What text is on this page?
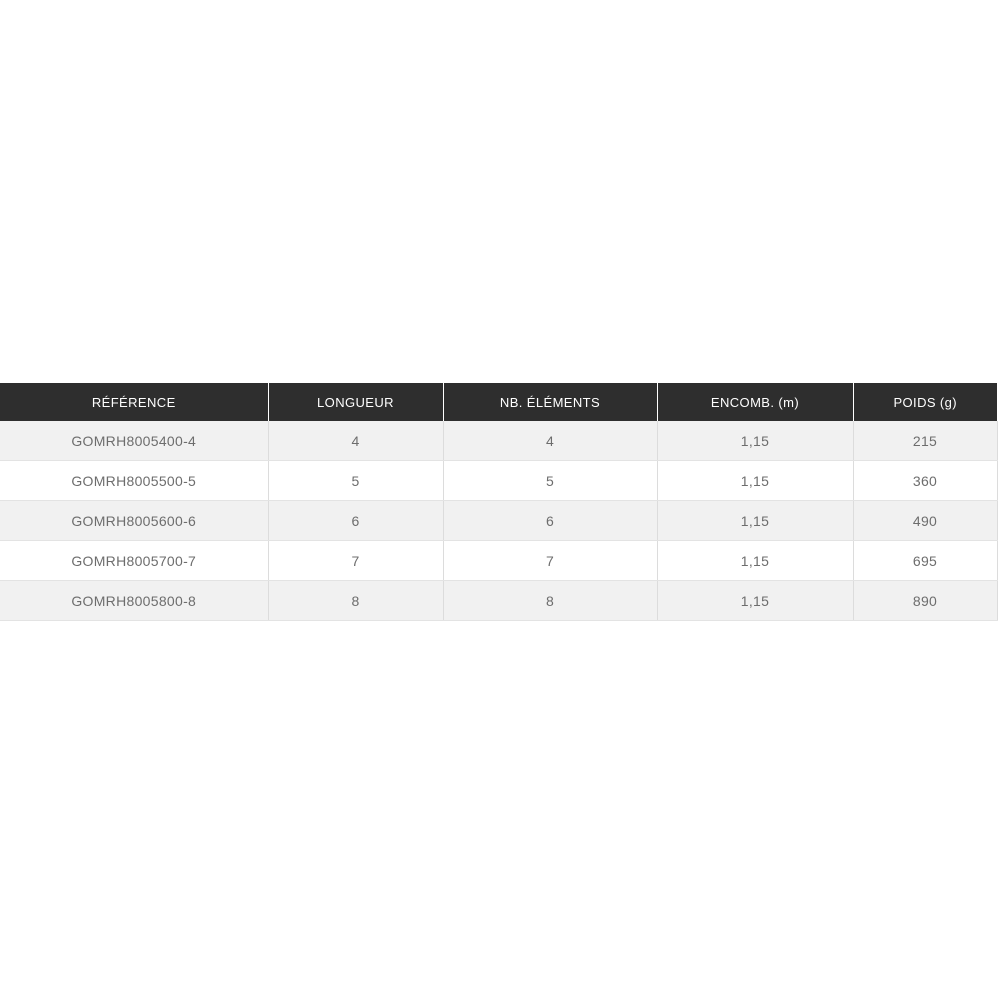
RÉFÉRENCE	LONGUEUR	NB. ÉLÉMENTS	ENCOMB. (m)	POIDS (g)
GOMRH8005400-4	4	4	1,15	215
GOMRH8005500-5	5	5	1,15	360
GOMRH8005600-6	6	6	1,15	490
GOMRH8005700-7	7	7	1,15	695
GOMRH8005800-8	8	8	1,15	890
